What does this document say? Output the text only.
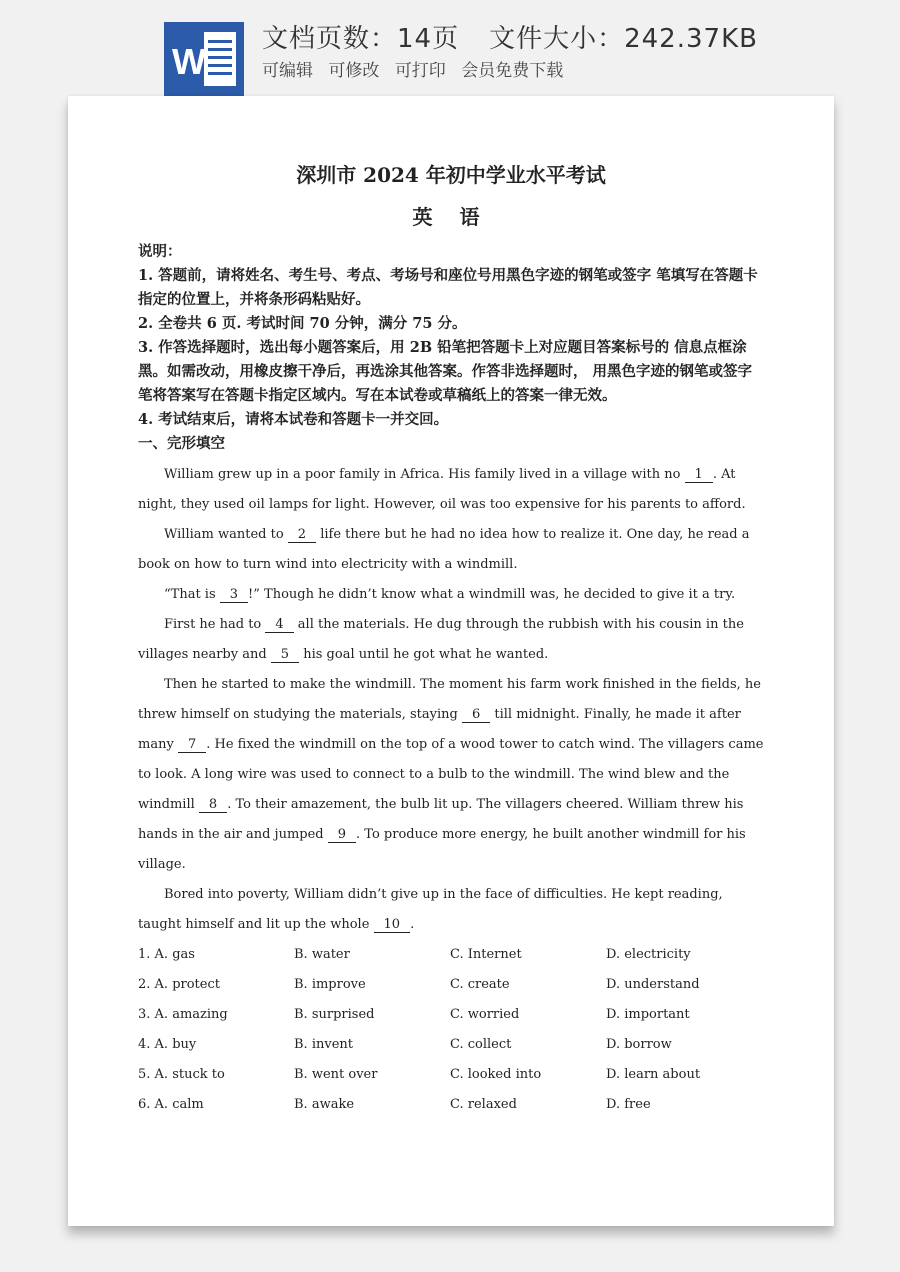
W
文档页数：14页 文件大小：242.37KB
可编辑 可修改 可打印 会员免费下载
深圳市 2024 年初中学业水平考试
英 语
说明：
1. 答题前，请将姓名、考生号、考点、考场号和座位号用黑色字迹的钢笔或签字 笔填写在答题卡指定的位置上，并将条形码粘贴好。
2. 全卷共 6 页. 考试时间 70 分钟，满分 75 分。
3. 作答选择题时，选出每小题答案后，用 2B 铅笔把答题卡上对应题目答案标号的 信息点框涂黑。如需改动，用橡皮擦干净后，再选涂其他答案。作答非选择题时， 用黑色字迹的钢笔或签字笔将答案写在答题卡指定区域内。写在本试卷或草稿纸上的答案一律无效。
4. 考试结束后，请将本试卷和答题卡一并交回。
一、完形填空
William grew up in a poor family in Africa. His family lived in a village with no 1 . At night, they used oil lamps for light. However, oil was too expensive for his parents to afford.
William wanted to 2 life there but he had no idea how to realize it. One day, he read a book on how to turn wind into electricity with a windmill.
“That is 3 !” Though he didn’t know what a windmill was, he decided to give it a try.
First he had to 4 all the materials. He dug through the rubbish with his cousin in the villages nearby and 5 his goal until he got what he wanted.
Then he started to make the windmill. The moment his farm work finished in the fields, he threw himself on studying the materials, staying 6 till midnight. Finally, he made it after many 7 . He fixed the windmill on the top of a wood tower to catch wind. The villagers came to look. A long wire was used to connect to a bulb to the windmill. The wind blew and the windmill 8 . To their amazement, the bulb lit up. The villagers cheered. William threw his hands in the air and jumped 9 . To produce more energy, he built another windmill for his village.
Bored into poverty, William didn’t give up in the face of difficulties. He kept reading, taught himself and lit up the whole 10 .
1. A. gas	B. water	C. Internet	D. electricity
2. A. protect	B. improve	C. create	D. understand
3. A. amazing	B. surprised	C. worried	D. important
4. A. buy	B. invent	C. collect	D. borrow
5. A. stuck to	B. went over	C. looked into	D. learn about
6. A. calm	B. awake	C. relaxed	D. free
